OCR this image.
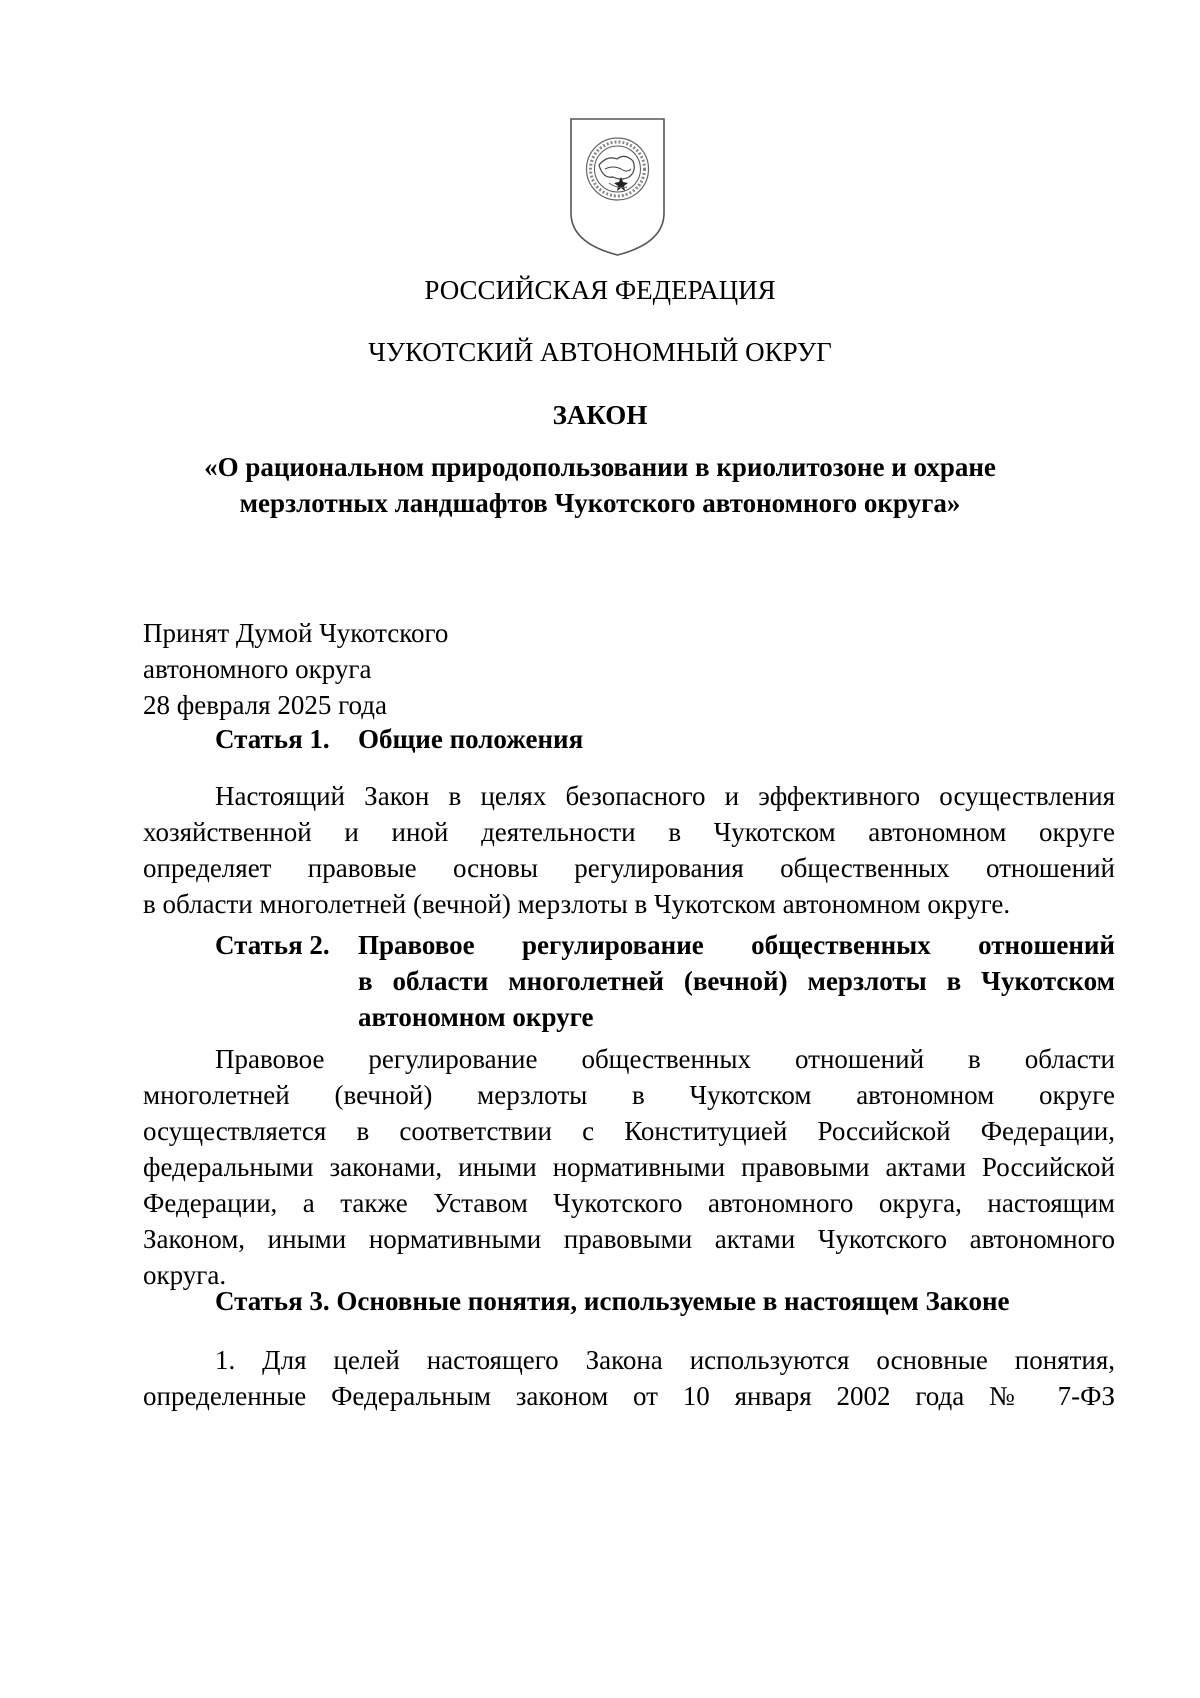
РОССИЙСКАЯ ФЕДЕРАЦИЯ
ЧУКОТСКИЙ АВТОНОМНЫЙ ОКРУГ
ЗАКОН
«О рациональном природопользовании в криолитозоне и охране
мерзлотных ландшафтов Чукотского автономного округа»
Принят Думой Чукотского
автономного округа
28 февраля 2025 года
Статья 1. Общие положения
Настоящий Закон в целях безопасного и эффективного осуществления
хозяйственной и иной деятельности в Чукотском автономном округе
определяет правовые основы регулирования общественных отношений
в области многолетней (вечной) мерзлоты в Чукотском автономном округе.
Статья 2. Правовое регулирование общественных отношений
в области многолетней (вечной) мерзлоты в Чукотском
автономном округе
Правовое регулирование общественных отношений в области
многолетней (вечной) мерзлоты в Чукотском автономном округе
осуществляется в соответствии с Конституцией Российской Федерации,
федеральными законами, иными нормативными правовыми актами Российской
Федерации, а также Уставом Чукотского автономного округа, настоящим
Законом, иными нормативными правовыми актами Чукотского автономного
округа.
Статья 3. Основные понятия, используемые в настоящем Законе
1. Для целей настоящего Закона используются основные понятия,
определенные Федеральным законом от 10 января 2002 года № 7-ФЗ
